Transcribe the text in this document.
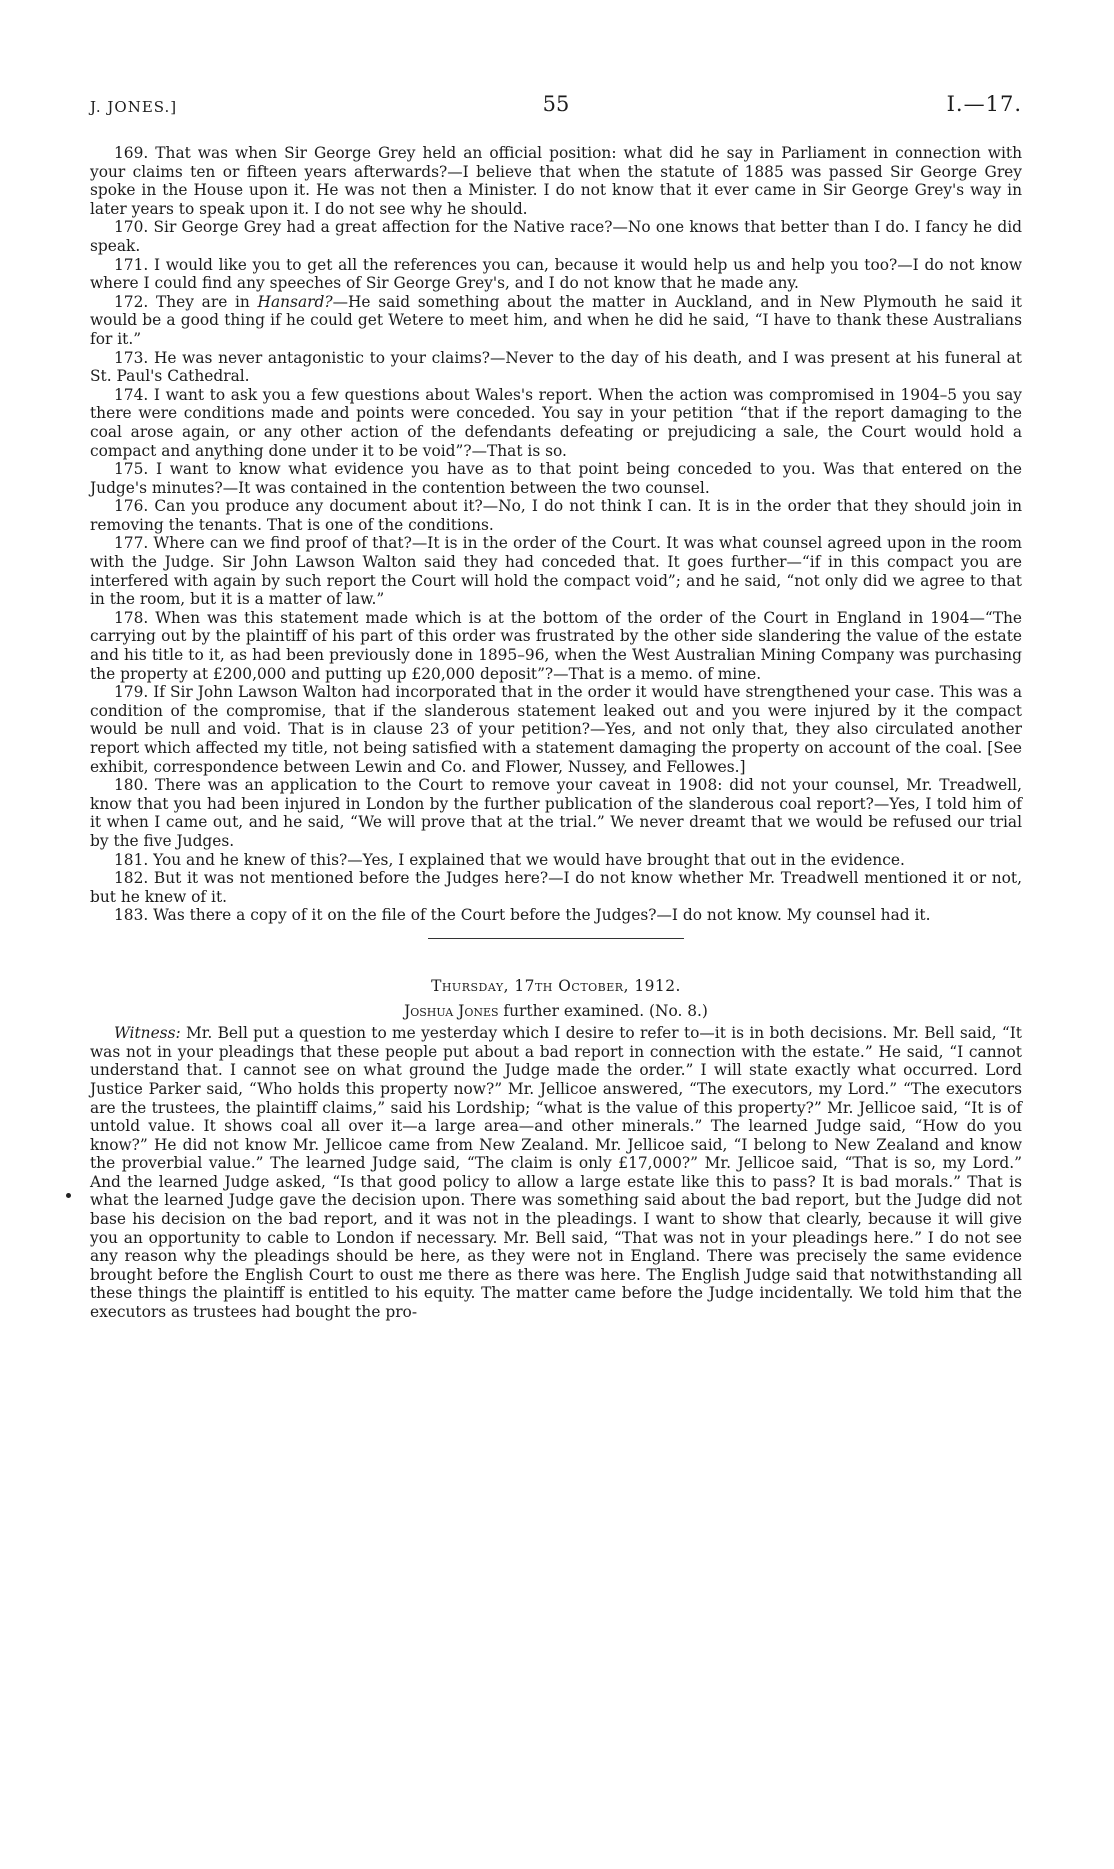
J. JONES.]	55	I.—17.

169. That was when Sir George Grey held an official position: what did he say in Parliament in connection with your claims ten or fifteen years afterwards?—I believe that when the statute of 1885 was passed Sir George Grey spoke in the House upon it. He was not then a Minister. I do not know that it ever came in Sir George Grey's way in later years to speak upon it. I do not see why he should.

170. Sir George Grey had a great affection for the Native race?—No one knows that better than I do. I fancy he did speak.

171. I would like you to get all the references you can, because it would help us and help you too?—I do not know where I could find any speeches of Sir George Grey's, and I do not know that he made any.

172. They are in Hansard?—He said something about the matter in Auckland, and in New Plymouth he said it would be a good thing if he could get Wetere to meet him, and when he did he said, “I have to thank these Australians for it.”

173. He was never antagonistic to your claims?—Never to the day of his death, and I was present at his funeral at St. Paul's Cathedral.

174. I want to ask you a few questions about Wales's report. When the action was compromised in 1904–5 you say there were conditions made and points were conceded. You say in your petition “that if the report damaging to the coal arose again, or any other action of the defendants defeating or prejudicing a sale, the Court would hold a compact and anything done under it to be void”?—That is so.

175. I want to know what evidence you have as to that point being conceded to you. Was that entered on the Judge's minutes?—It was contained in the contention between the two counsel.

176. Can you produce any document about it?—No, I do not think I can. It is in the order that they should join in removing the tenants. That is one of the conditions.

177. Where can we find proof of that?—It is in the order of the Court. It was what counsel agreed upon in the room with the Judge. Sir John Lawson Walton said they had conceded that. It goes further—“if in this compact you are interfered with again by such report the Court will hold the compact void”; and he said, “not only did we agree to that in the room, but it is a matter of law.”

178. When was this statement made which is at the bottom of the order of the Court in England in 1904—“The carrying out by the plaintiff of his part of this order was frustrated by the other side slandering the value of the estate and his title to it, as had been previously done in 1895–96, when the West Australian Mining Company was purchasing the property at £200,000 and putting up £20,000 deposit”?—That is a memo. of mine.

179. If Sir John Lawson Walton had incorporated that in the order it would have strengthened your case. This was a condition of the compromise, that if the slanderous statement leaked out and you were injured by it the compact would be null and void. That is in clause 23 of your petition?—Yes, and not only that, they also circulated another report which affected my title, not being satisfied with a statement damaging the property on account of the coal. [See exhibit, correspondence between Lewin and Co. and Flower, Nussey, and Fellowes.]

180. There was an application to the Court to remove your caveat in 1908: did not your counsel, Mr. Treadwell, know that you had been injured in London by the further publication of the slanderous coal report?—Yes, I told him of it when I came out, and he said, “We will prove that at the trial.” We never dreamt that we would be refused our trial by the five Judges.

181. You and he knew of this?—Yes, I explained that we would have brought that out in the evidence.

182. But it was not mentioned before the Judges here?—I do not know whether Mr. Treadwell mentioned it or not, but he knew of it.

183. Was there a copy of it on the file of the Court before the Judges?—I do not know. My counsel had it.

Thursday, 17th October, 1912.

Joshua Jones further examined. (No. 8.)

Witness: Mr. Bell put a question to me yesterday which I desire to refer to—it is in both decisions. Mr. Bell said, “It was not in your pleadings that these people put about a bad report in connection with the estate.” He said, “I cannot understand that. I cannot see on what ground the Judge made the order.” I will state exactly what occurred. Lord Justice Parker said, “Who holds this property now?” Mr. Jellicoe answered, “The executors, my Lord.” “The executors are the trustees, the plaintiff claims,” said his Lordship; “what is the value of this property?” Mr. Jellicoe said, “It is of untold value. It shows coal all over it—a large area—and other minerals.” The learned Judge said, “How do you know?” He did not know Mr. Jellicoe came from New Zealand. Mr. Jellicoe said, “I belong to New Zealand and know the proverbial value.” The learned Judge said, “The claim is only £17,000?” Mr. Jellicoe said, “That is so, my Lord.” And the learned Judge asked, “Is that good policy to allow a large estate like this to pass? It is bad morals.” That is what the learned Judge gave the decision upon. There was something said about the bad report, but the Judge did not base his decision on the bad report, and it was not in the pleadings. I want to show that clearly, because it will give you an opportunity to cable to London if necessary. Mr. Bell said, “That was not in your pleadings here.” I do not see any reason why the pleadings should be here, as they were not in England. There was precisely the same evidence brought before the English Court to oust me there as there was here. The English Judge said that notwithstanding all these things the plaintiff is entitled to his equity. The matter came before the Judge incidentally. We told him that the executors as trustees had bought the pro-
